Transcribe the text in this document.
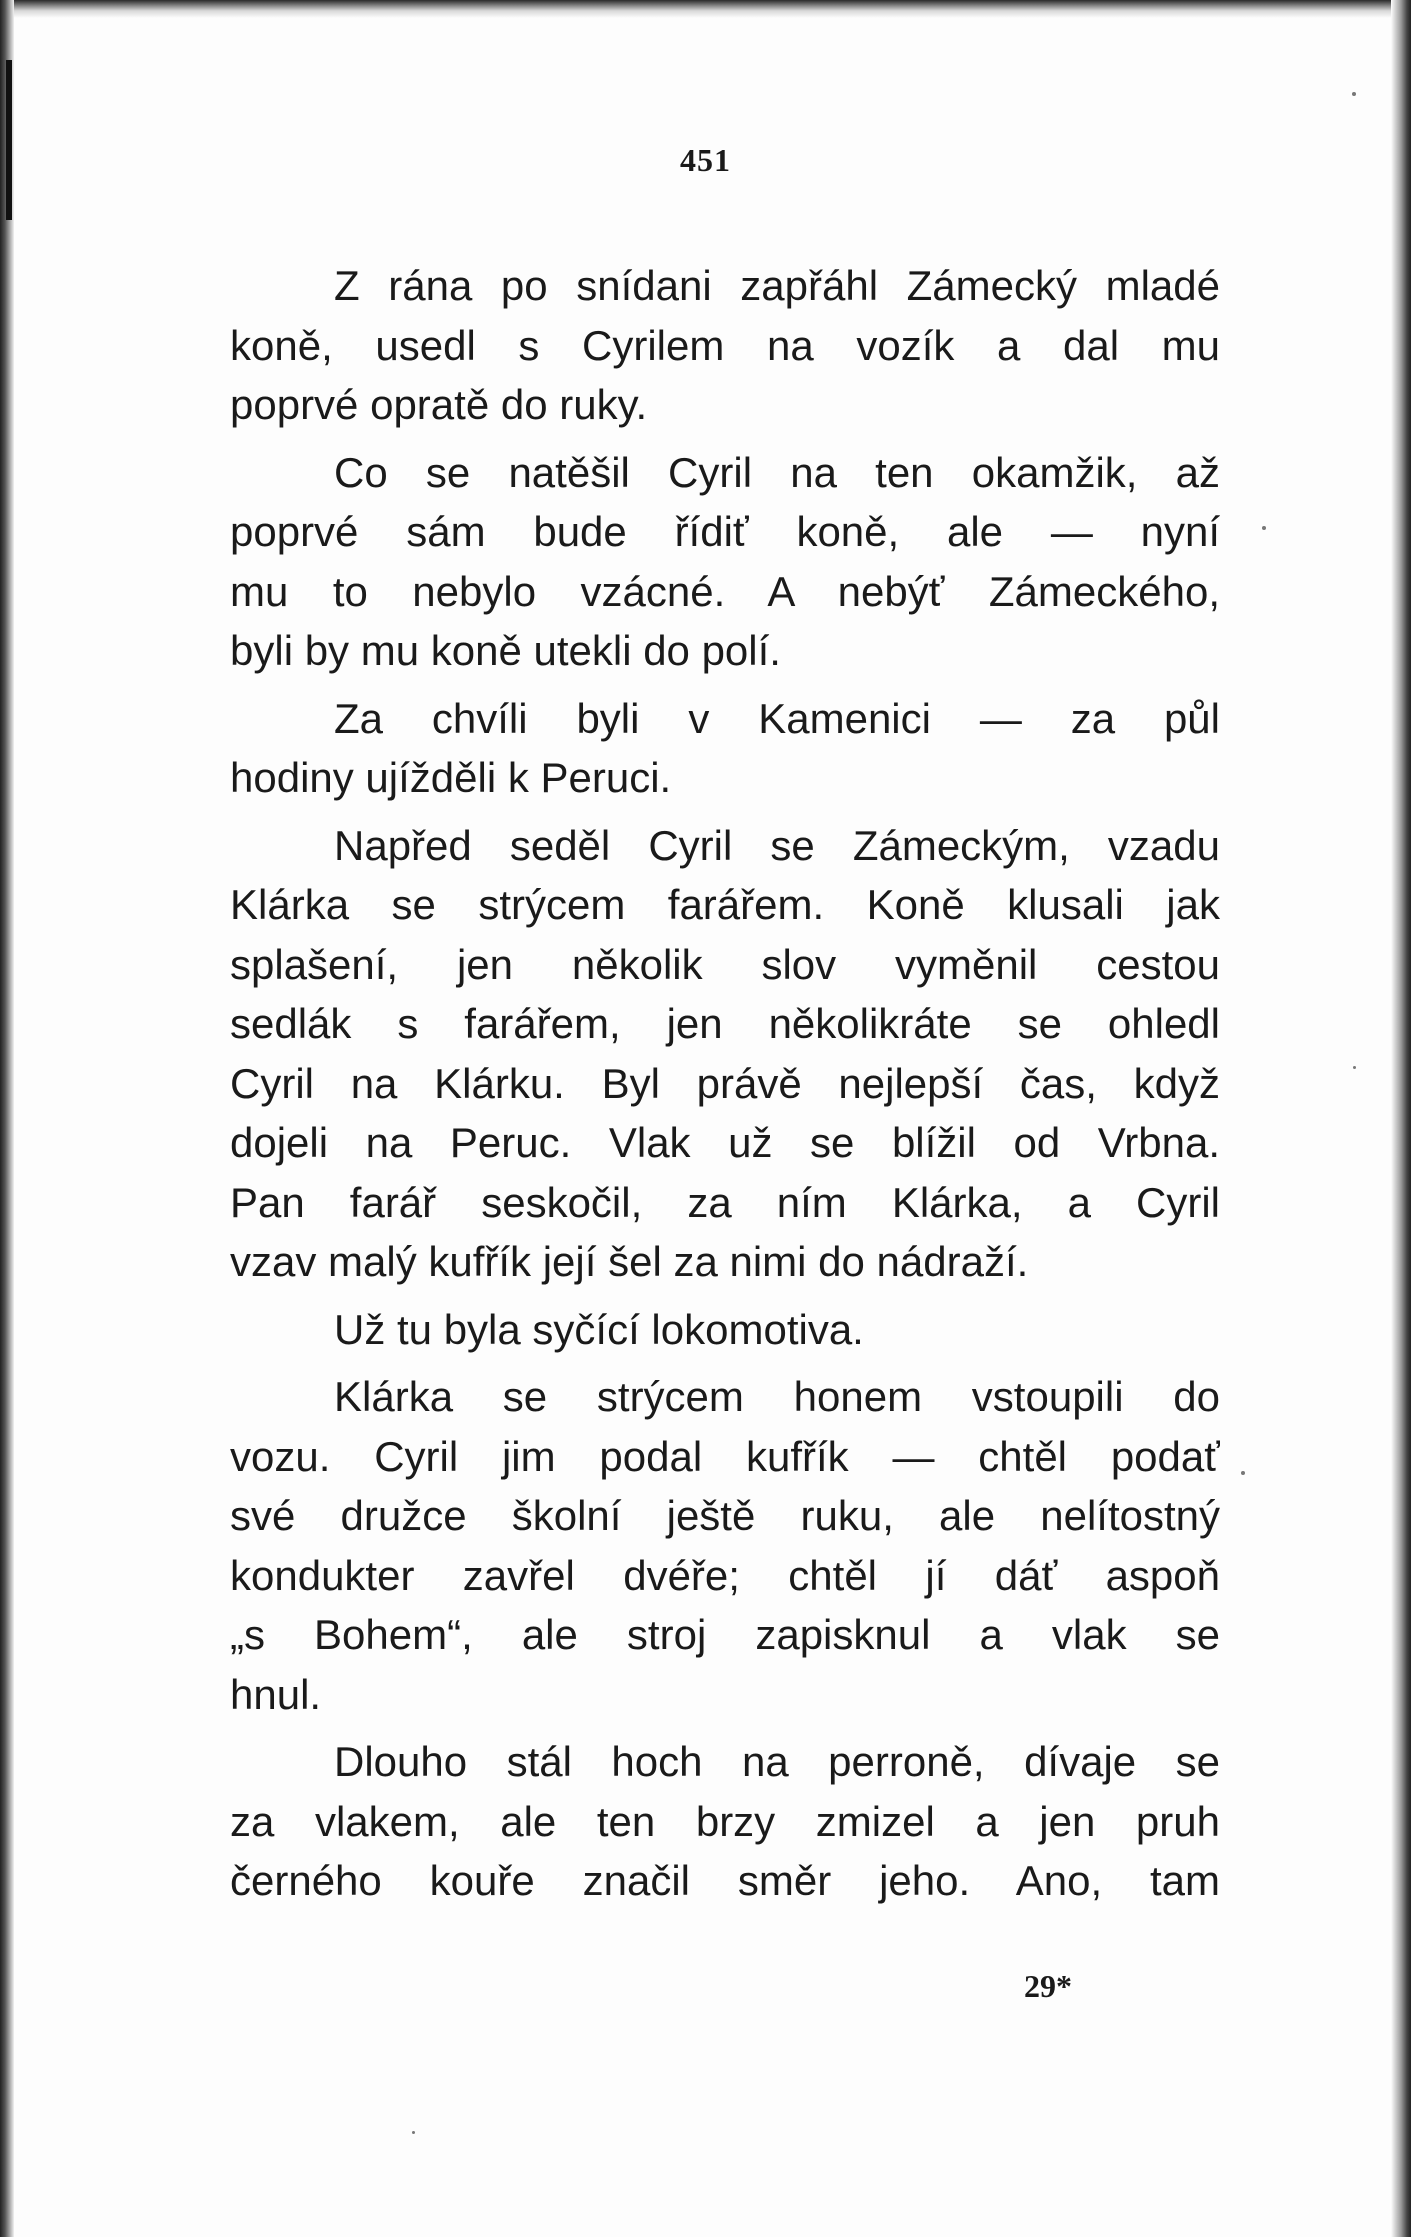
451
Z rána po snídani zapřáhl Zámecký mladé
koně, usedl s Cyrilem na vozík a dal mu
poprvé opratě do ruky.
Co se natěšil Cyril na ten okamžik, až
poprvé sám bude řídiť koně, ale — nyní
mu to nebylo vzácné. A nebýť Zámeckého,
byli by mu koně utekli do polí.
Za chvíli byli v Kamenici — za půl
hodiny ujížděli k Peruci.
Napřed seděl Cyril se Zámeckým, vzadu
Klárka se strýcem farářem. Koně klusali jak
splašení, jen několik slov vyměnil cestou
sedlák s farářem, jen několikráte se ohledl
Cyril na Klárku. Byl právě nejlepší čas, když
dojeli na Peruc. Vlak už se blížil od Vrbna.
Pan farář seskočil, za ním Klárka, a Cyril
vzav malý kufřík její šel za nimi do nádraží.
Už tu byla syčící lokomotiva.
Klárka se strýcem honem vstoupili do
vozu. Cyril jim podal kufřík — chtěl podať
své družce školní ještě ruku, ale nelítostný
kondukter zavřel dvéře; chtěl jí dáť aspoň
„s Bohem“, ale stroj zapisknul a vlak se
hnul.
Dlouho stál hoch na perroně, dívaje se
za vlakem, ale ten brzy zmizel a jen pruh
černého kouře značil směr jeho. Ano, tam
29*
